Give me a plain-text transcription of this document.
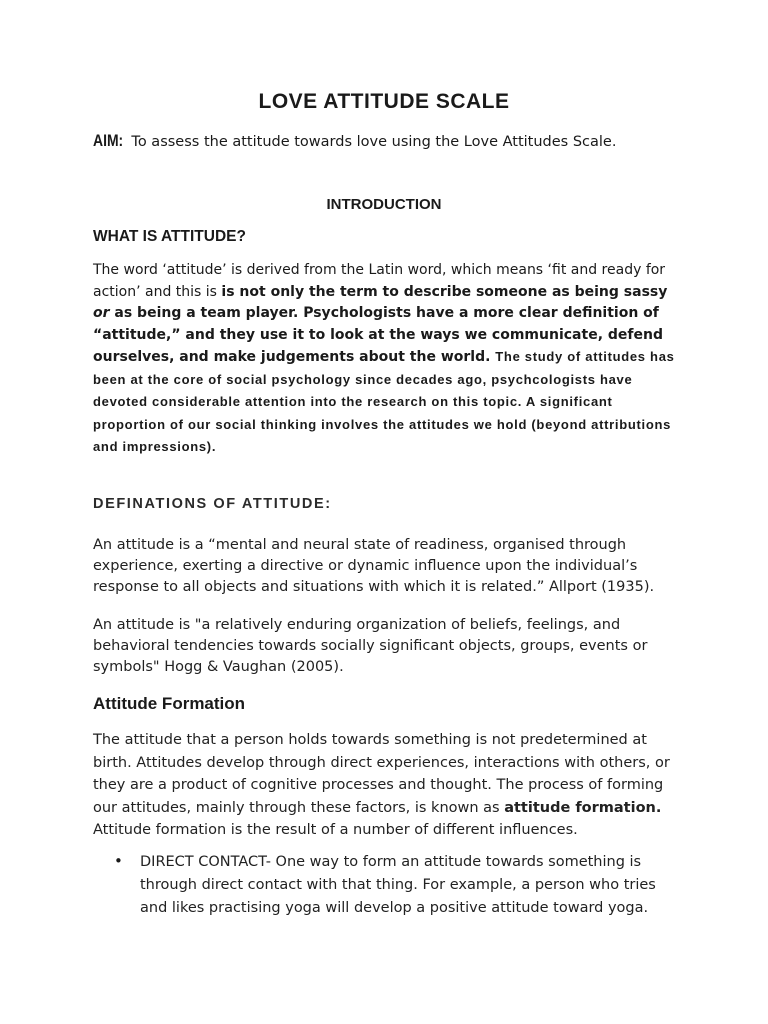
LOVE ATTITUDE SCALE

AIM: To assess the attitude towards love using the Love Attitudes Scale.

INTRODUCTION
WHAT IS ATTITUDE?

The word ‘attitude’ is derived from the Latin word, which means ‘fit and ready for action’ and this is is not only the term to describe someone as being sassy or as being a team player. Psychologists have a more clear definition of “attitude,” and they use it to look at the ways we communicate, defend ourselves, and make judgements about the world. The study of attitudes has been at the core of social psychology since decades ago, psychcologists have devoted considerable attention into the research on this topic. A significant proportion of our social thinking involves the attitudes we hold (beyond attributions and impressions).

DEFINATIONS OF ATTITUDE:

An attitude is a “mental and neural state of readiness, organised through experience, exerting a directive or dynamic influence upon the individual’s response to all objects and situations with which it is related.” Allport (1935).

An attitude is "a relatively enduring organization of beliefs, feelings, and behavioral tendencies towards socially significant objects, groups, events or symbols" Hogg & Vaughan (2005).

Attitude Formation

The attitude that a person holds towards something is not predetermined at birth. Attitudes develop through direct experiences, interactions with others, or they are a product of cognitive processes and thought. The process of forming our attitudes, mainly through these factors, is known as attitude formation. Attitude formation is the result of a number of different influences.

• DIRECT CONTACT- One way to form an attitude towards something is through direct contact with that thing. For example, a person who tries and likes practising yoga will develop a positive attitude toward yoga.
